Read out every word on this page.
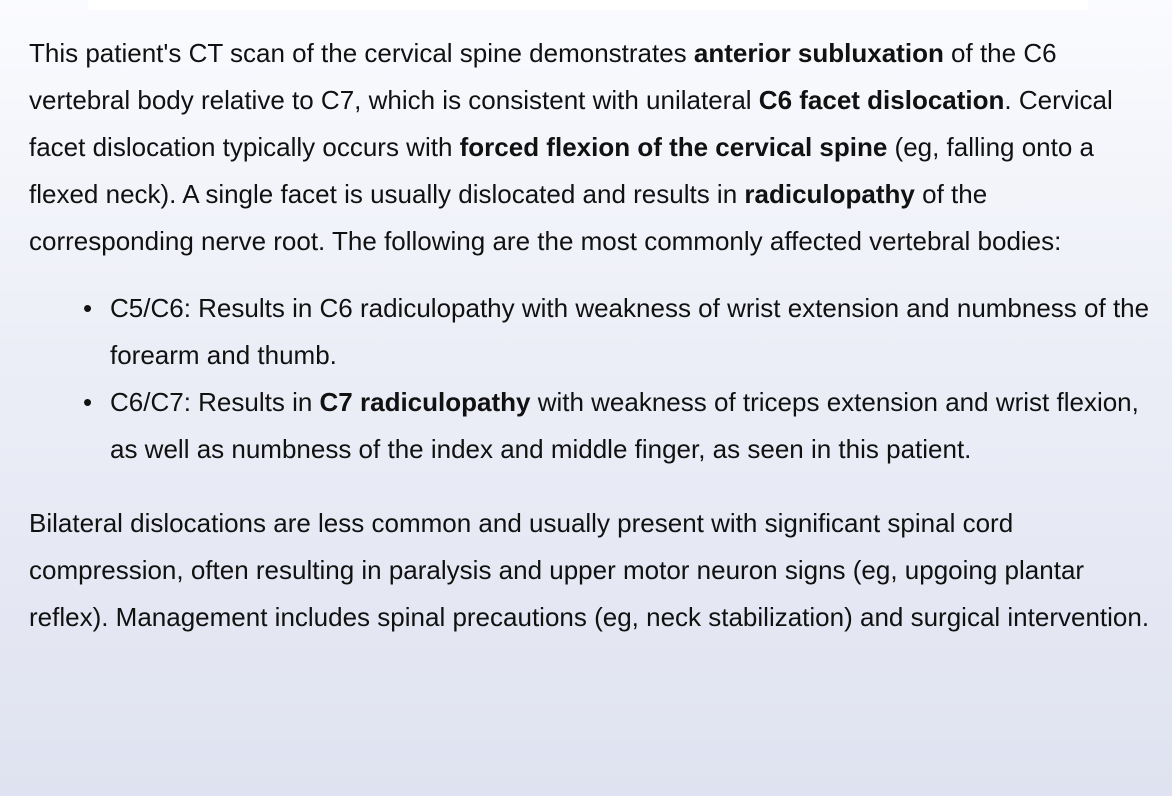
This patient's CT scan of the cervical spine demonstrates anterior subluxation of the C6 vertebral body relative to C7, which is consistent with unilateral C6 facet dislocation. Cervical facet dislocation typically occurs with forced flexion of the cervical spine (eg, falling onto a flexed neck). A single facet is usually dislocated and results in radiculopathy of the corresponding nerve root. The following are the most commonly affected vertebral bodies:

• C5/C6: Results in C6 radiculopathy with weakness of wrist extension and numbness of the forearm and thumb.
• C6/C7: Results in C7 radiculopathy with weakness of triceps extension and wrist flexion, as well as numbness of the index and middle finger, as seen in this patient.

Bilateral dislocations are less common and usually present with significant spinal cord compression, often resulting in paralysis and upper motor neuron signs (eg, upgoing plantar reflex). Management includes spinal precautions (eg, neck stabilization) and surgical intervention.
